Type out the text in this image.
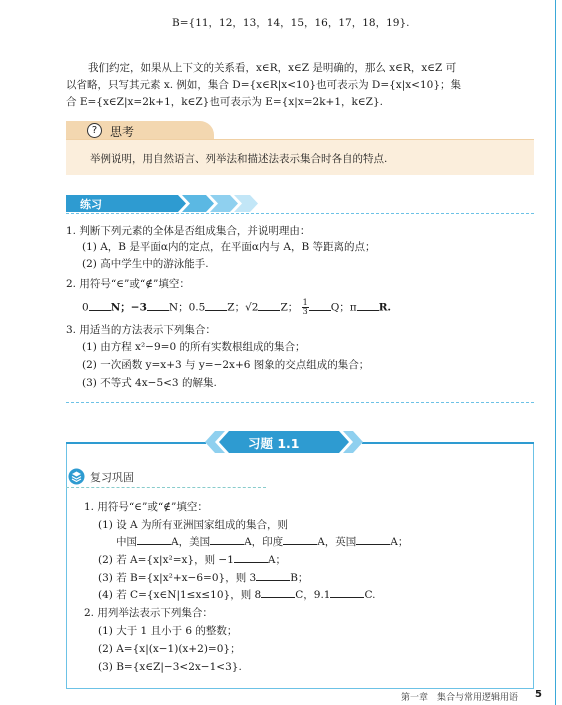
B={11，12，13，14，15，16，17，18，19}.
我们约定，如果从上下文的关系看，x∈R，x∈Z 是明确的，那么 x∈R，x∈Z 可
以省略，只写其元素 x. 例如，集合 D={x∈R|x<10}也可表示为 D={x|x<10}；集
合 E={x∈Z|x=2k+1，k∈Z}也可表示为 E={x|x=2k+1，k∈Z}.
?	思考
举例说明，用自然语言、列举法和描述法表示集合时各自的特点.
练习
1. 判断下列元素的全体是否组成集合，并说明理由：
(1) A，B 是平面α内的定点，在平面α内与 A，B 等距离的点；
(2) 高中学生中的游泳能手.
2. 用符号“∈”或“∉”填空：
0 N；−3 N；0.5 Z；√2 Z； $\frac{1}{3}$ Q；π R.
3. 用适当的方法表示下列集合：
(1) 由方程 x²−9=0 的所有实数根组成的集合；
(2) 一次函数 y=x+3 与 y=−2x+6 图象的交点组成的集合；
(3) 不等式 4x−5<3 的解集.
习题 1.1
复习巩固
1. 用符号“∈”或“∉”填空：
(1) 设 A 为所有亚洲国家组成的集合，则
中国	A，美国	A，印度	A，英国	A；
(2) 若 A={x|x²=x}，则 −1	A；
(3) 若 B={x|x²+x−6=0}，则 3	B；
(4) 若 C={x∈N|1≤x≤10}，则 8	C，9.1	C.
2. 用列举法表示下列集合：
(1) 大于 1 且小于 6 的整数；
(2) A={x|(x−1)(x+2)=0}；
(3) B={x∈Z|−3<2x−1<3}.
第一章　集合与常用逻辑用语 5
